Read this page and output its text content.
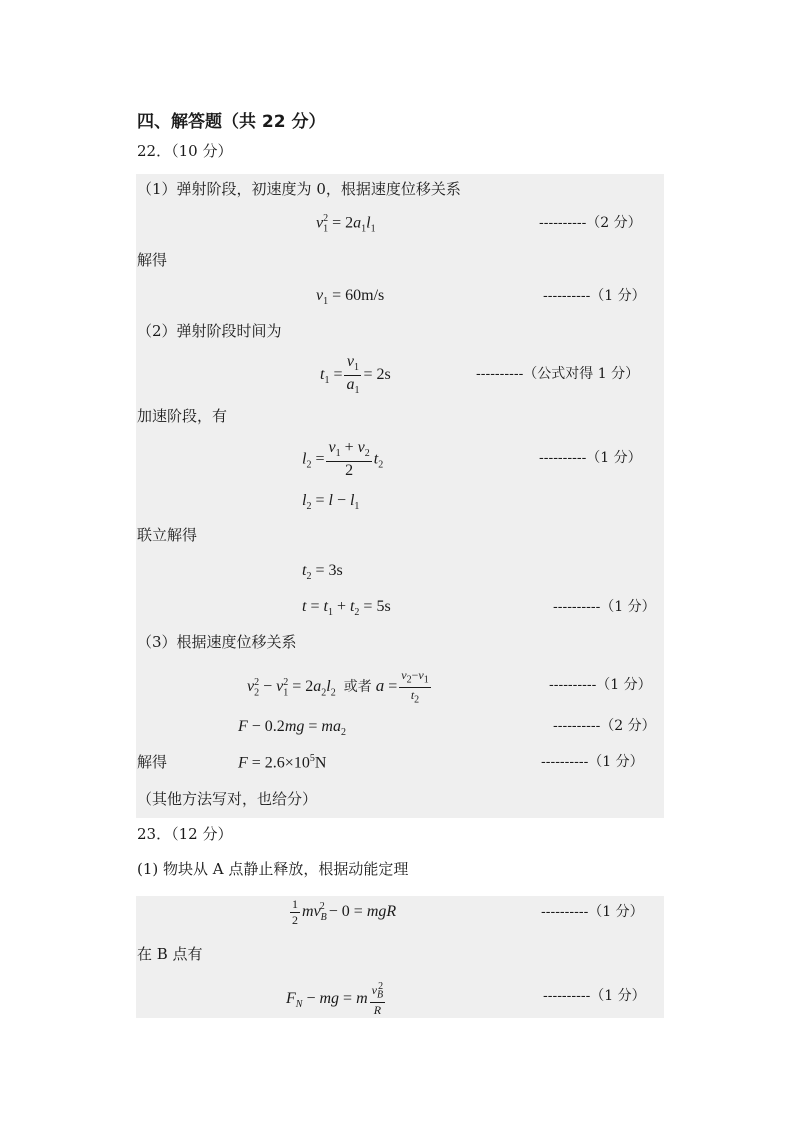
四、解答题（共 22 分）
22．（10 分）
（1）弹射阶段，初速度为 0，根据速度位移关系
$v_1^2 = 2a_1l_1$	----------（2 分）
解得
$v_1 = 60m/s$	----------（1 分）
（2）弹射阶段时间为
$t_1 = \frac{v_1}{a_1} = 2s$	----------（公式对得 1 分）
加速阶段，有
$l_2 = \frac{v_1 + v_2}{2} t_2$	----------（1 分）
$l_2 = l - l_1$
联立解得
$t_2 = 3s$
$t = t_1 + t_2 = 5s$	----------（1 分）
（3）根据速度位移关系
$v_2^2 - v_1^2 = 2a_2l_2$ 或者 $a = \frac{v_2-v_1}{t_2}$	----------（1 分）
$F - 0.2mg = ma_2$	----------（2 分）
解得	$F = 2.6\times 10^5N$	----------（1 分）
（其他方法写对，也给分）
23．（12 分）
(1) 物块从 A 点静止释放，根据动能定理
$\frac{1}{2} mv_B^2 - 0$ = mgR	----------（1 分）
在 B 点有
$F_N$ − mg = m $\frac{v_B^2}{R}$	----------（1 分）
